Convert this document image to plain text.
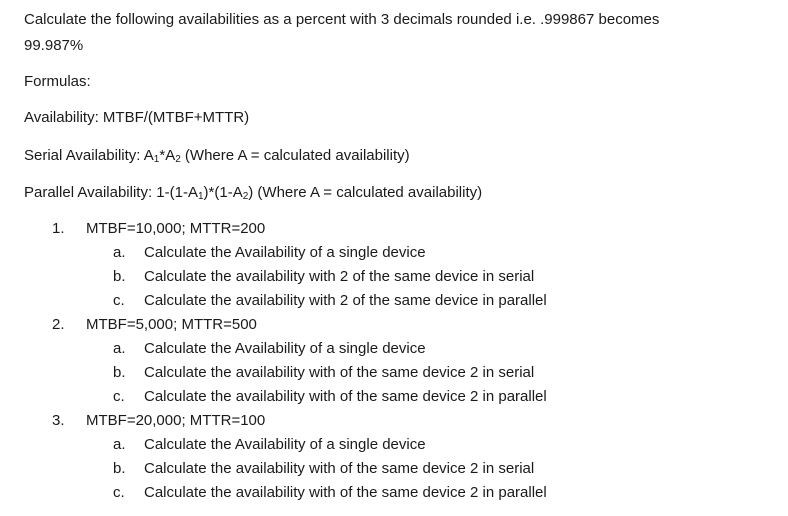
Calculate the following availabilities as a percent with 3 decimals rounded i.e. .999867 becomes
99.987%
Formulas:
Availability: MTBF/(MTBF+MTTR)
Serial Availability: $A_1*A_2$ (Where A = calculated availability)
Parallel Availability: $1-(1-A_1)*(1-A_2)$ (Where A = calculated availability)
1. MTBF=10,000; MTTR=200
a. Calculate the Availability of a single device
b. Calculate the availability with 2 of the same device in serial
c. Calculate the availability with 2 of the same device in parallel
2. MTBF=5,000; MTTR=500
a. Calculate the Availability of a single device
b. Calculate the availability with of the same device 2 in serial
c. Calculate the availability with of the same device 2 in parallel
3. MTBF=20,000; MTTR=100
a. Calculate the Availability of a single device
b. Calculate the availability with of the same device 2 in serial
c. Calculate the availability with of the same device 2 in parallel
